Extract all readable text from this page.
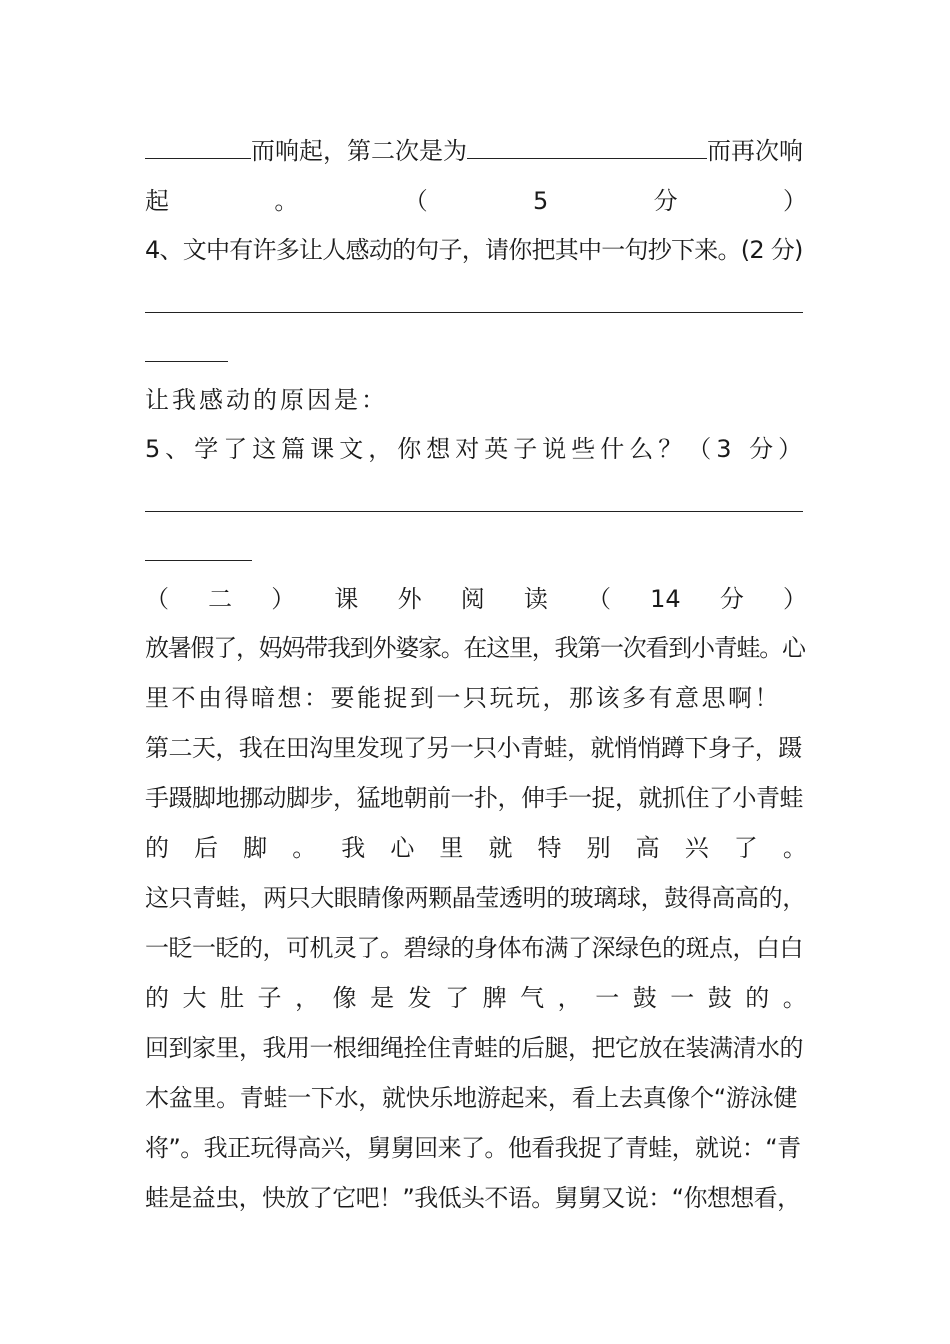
而响起，第二次是为	而再次响
起	。	（	5	分	）
4、文中有许多让人感动的句子，请你把其中一句抄下来。(2 分)
让我感动的原因是：
5、学了这篇课文，你想对英子说些什么？（3 分）
（ 二 ） 课 外 阅 读 （ 14 分 ）
放暑假了，妈妈带我到外婆家。在这里，我第一次看到小青蛙。心
里不由得暗想：要能捉到一只玩玩，那该多有意思啊！
第二天，我在田沟里发现了另一只小青蛙，就悄悄蹲下身子，蹑
手蹑脚地挪动脚步，猛地朝前一扑，伸手一捉，就抓住了小青蛙
的 后 脚 。 我 心 里 就 特 别 高 兴 了 。
这只青蛙，两只大眼睛像两颗晶莹透明的玻璃球，鼓得高高的，
一眨一眨的，可机灵了。碧绿的身体布满了深绿色的斑点，白白
的 大 肚 子 ， 像 是 发 了 脾 气 ， 一 鼓 一 鼓 的 。
回到家里，我用一根细绳拴住青蛙的后腿，把它放在装满清水的
木盆里。青蛙一下水，就快乐地游起来，看上去真像个“游泳健
将”。我正玩得高兴，舅舅回来了。他看我捉了青蛙，就说：“青
蛙是益虫，快放了它吧！”我低头不语。舅舅又说：“你想想看，
